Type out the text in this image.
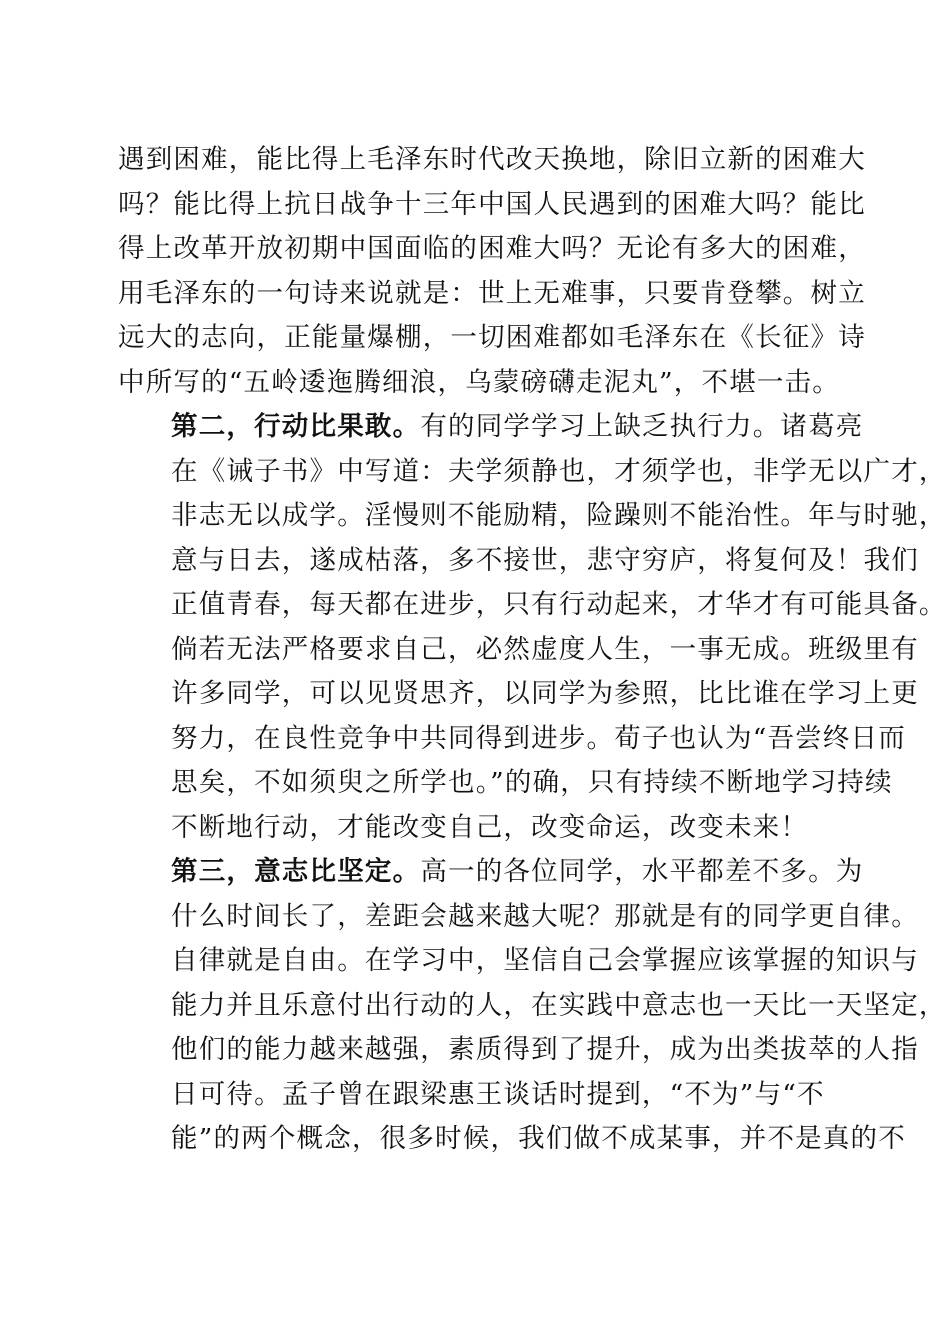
遇到困难，能比得上毛泽东时代改天换地，除旧立新的困难大
吗？能比得上抗日战争十三年中国人民遇到的困难大吗？能比
得上改革开放初期中国面临的困难大吗？无论有多大的困难，
用毛泽东的一句诗来说就是：世上无难事，只要肯登攀。树立
远大的志向，正能量爆棚，一切困难都如毛泽东在《长征》诗
中所写的“五岭逶迤腾细浪，乌蒙磅礴走泥丸”，不堪一击。
第二，行动比果敢。有的同学学习上缺乏执行力。诸葛亮
在《诫子书》中写道：夫学须静也，才须学也，非学无以广才，
非志无以成学。淫慢则不能励精，险躁则不能治性。年与时驰，
意与日去，遂成枯落，多不接世，悲守穷庐，将复何及！我们
正值青春，每天都在进步，只有行动起来，才华才有可能具备。
倘若无法严格要求自己，必然虚度人生，一事无成。班级里有
许多同学，可以见贤思齐，以同学为参照，比比谁在学习上更
努力，在良性竞争中共同得到进步。荀子也认为“吾尝终日而
思矣，不如须臾之所学也。”的确，只有持续不断地学习持续
不断地行动，才能改变自己，改变命运，改变未来！
第三，意志比坚定。高一的各位同学，水平都差不多。为
什么时间长了，差距会越来越大呢？那就是有的同学更自律。
自律就是自由。在学习中，坚信自己会掌握应该掌握的知识与
能力并且乐意付出行动的人，在实践中意志也一天比一天坚定，
他们的能力越来越强，素质得到了提升，成为出类拔萃的人指
日可待。孟子曾在跟梁惠王谈话时提到，“不为”与“不
能”的两个概念，很多时候，我们做不成某事，并不是真的不
